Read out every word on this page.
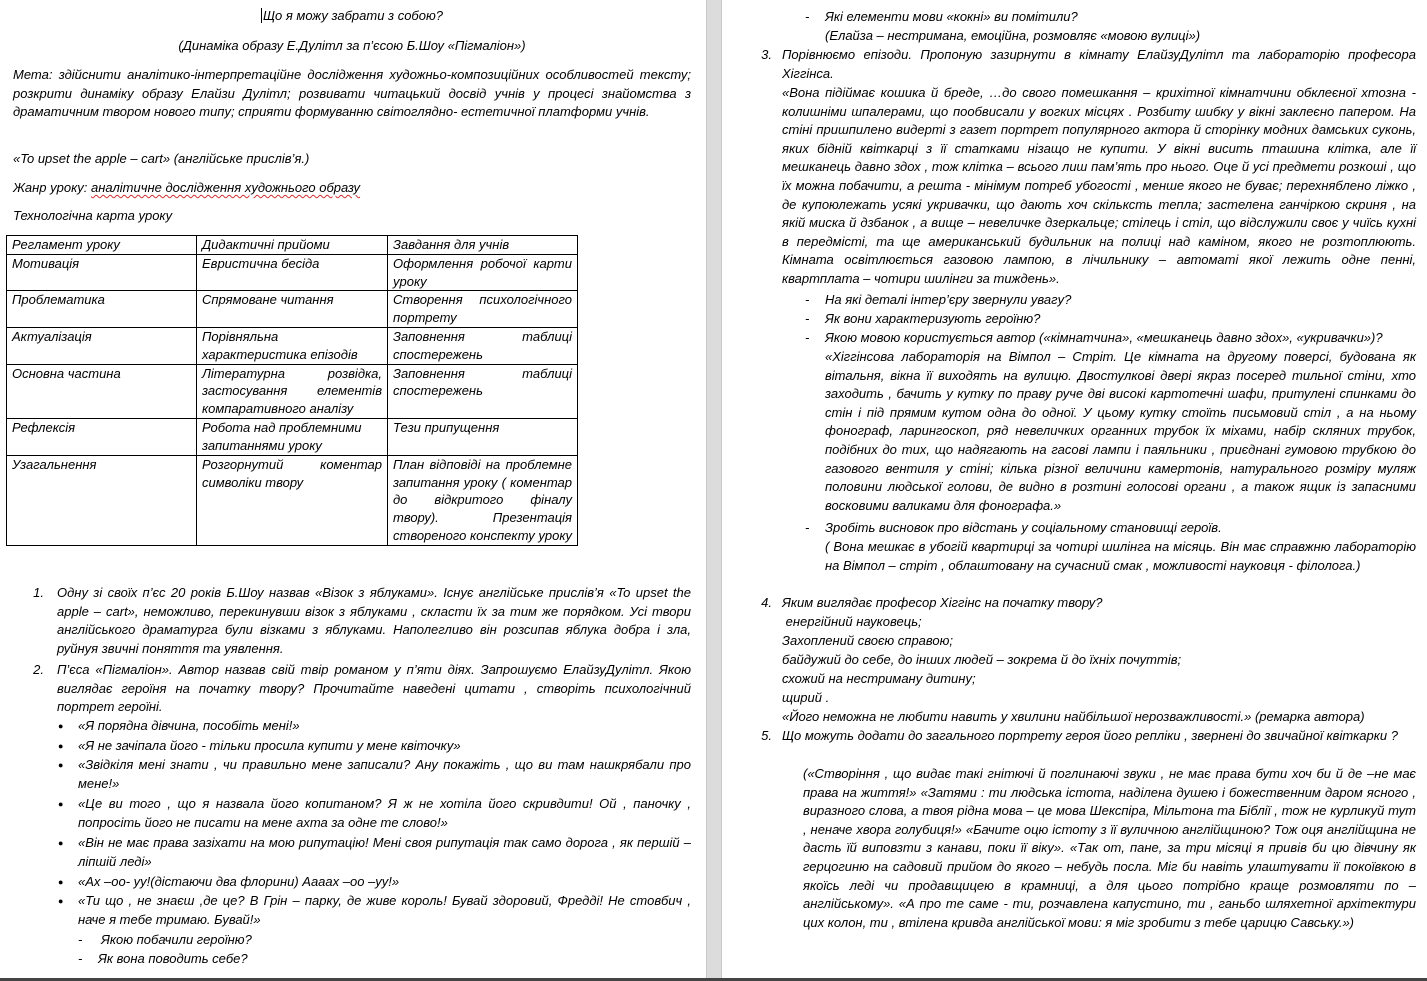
Що я можу забрати з собою?
(Динаміка образу Е.Дулітл за п’єсою Б.Шоу «Пігмаліон»)
Мета: здійснити аналітико-інтерпретаційне дослідження художньо-композиційних особливостей тексту; розкрити динаміку образу Елайзи Дулітл; розвивати читацький досвід учнів у процесі знайомства з драматичним твором нового типу; сприяти формуванню світоглядно- естетичної платформи учнів.
«To upset the apple – cart» (англійське прислів’я.)
Жанр уроку: аналітичне дослідження художнього образу
Технологічна карта уроку
Регламент уроку	Дидактичні прийоми	Завдання для учнів
Мотивація	Евристична бесіда	Оформлення робочої карти уроку
Проблематика	Спрямоване читання	Створення психологічного портрету
Актуалізація	Порівняльна характеристика епізодів	Заповнення таблиці спостережень
Основна частина	Літературна розвідка, застосування елементів компаративного аналізу	Заповнення таблиці спостережень
Рефлексія	Робота над проблемними запитаннями уроку	Тези припущення
Узагальнення	Розгорнутий коментар символіки твору	План відповіді на проблемне запитання уроку ( коментар до відкритого фіналу твору). Презентація створеного конспекту уроку
1. Одну зі своїх п’єс 20 років Б.Шоу назвав «Візок з яблуками». Існує англійське прислів’я «To upset the apple – cart», неможливо, перекинувши візок з яблуками , скласти їх за тим же порядком. Усі твори англійського драматурга були візками з яблуками. Наполегливо він розсипав яблука добра і зла, руйнуя звичні поняття та уявлення.
2. П’єса «Пігмаліон». Автор назвав свій твір романом у п’яти діях. Запрошуємо ЕлайзуДулітл. Якою виглядає героїня на початку твору? Прочитайте наведені цитати , створіть психологічний портрет героїні.
● «Я порядна дівчина, пособіть мені!»
● «Я не зачіпала його - тільки просила купити у мене квіточку»
● «Звідкіля мені знати , чи правильно мене записали? Ану покажіть , що ви там нашкрябали про мене!»
● «Це ви того , що я назвала його копитаном? Я ж не хотіла його скривдити! Ой , паночку , попросіть його не писати на мене ахта за одне те слово!»
● «Він не має права зазіхати на мою рипутацію! Мені своя рипутація так само дорога , як першій –ліпшій леді»
● «Ах –оо- уу!(дістаючи два флорини) Аааах –оо –уу!»
● «Ти що , не знаєш ,де це? В Грін – парку, де живе король! Бувай здоровий, Фредді! Не стовбич , наче я тебе тримаю. Бувай!»
- Якою побачили героїню?
- Як вона поводить себе?
- Які елементи мови «кокні» ви помітили?
(Елайза – нестримана, емоційна, розмовляє «мовою вулиці»)
3. Порівнюємо епізоди. Пропоную зазирнути в кімнату ЕлайзуДулітл та лабораторію професора Хіггінса.
«Вона підіймає кошика й бреде, …до свого помешкання – крихітної кімнатчини обклеєної хтозна - колишніми шпалерами, що пообвисали у вогких місцях . Розбиту шибку у вікні заклеєно папером. На стіні пришпилено видерті з газет портрет популярного актора й сторінку модних дамських суконь, яких бідній квіткарці з її статками нізащо не купити. У вікні висить пташина клітка, але її мешканець давно здох , тож клітка – всього лиш пам’ять про нього. Оце й усі предмети розкоші , що їх можна побачити, а решта - мінімум потреб убогості , менше якого не буває; перехняблено ліжко , де купоюлежать усякі укривачки, що дають хоч скільксть тепла; застелена ганчіркою скриня , на якій миска й дзбанок , а вище – невеличке дзеркальце; стілець і стіл, що відслужили своє у чиїсь кухні в передмісті, та ще американський будильник на полиці над каміном, якого не розтоплюють. Кімната освітлюється газовою лампою, в лічильнику – автоматі якої лежить одне пенні, квартплата – чотири шилінги за тиждень».
- На які деталі інтер’єру звернули увагу?
- Як вони характеризують героїню?
- Якою мовою користується автор («кімнатчина», «мешканець давно здох», «укривачки»)?
«Хіггінсова лабораторія на Вімпол – Стріт. Це кімната на другому поверсі, будована як вітальня, вікна її виходять на вулицю. Двостулкові двері якраз посеред тильної стіни, хто заходить , бачить у кутку по праву руче дві високі картотечні шафи, притулені спинками до стін і під прямим кутом одна до одної. У цьому кутку стоїть письмовий стіл , а на ньому фонограф, ларингоскоп, ряд невеличких органних трубок їх міхами, набір скляних трубок, подібних до тих, що надягають на гасові лампи і паяльники , приєднані гумовою трубкою до газового вентиля у стіні; кілька різної величини камертонів, натурального розміру муляж половини людської голови, де видно в розтині голосові органи , а також ящик із запасними восковими валиками для фонографа.»
- Зробіть висновок про відстань у соціальному становищі героїв.
( Вона мешкає в убогій квартирці за чотирі шилінга на місяць. Він має справжню лабораторію на Вімпол – стріт , облаштовану на сучасний смак , можливості науковця - філолога.)
4. Яким виглядає професор Хіггінс на початку твору?
енергійний науковець;
Захоплений своєю справою;
байдужий до себе, до інших людей – зокрема й до їхніх почуттів;
схожий на нестриману дитину;
щирий .
«Його неможна не любити навить у хвилини найбільшої нерозважливості.» (ремарка автора)
5. Що можуть додати до загального портрету героя його репліки , звернені до звичайної квіткарки ?
(«Створіння , що видає такі гнітючі й поглинаючі звуки , не має права бути хоч би й де –не має права на життя!» «Затями : ти людська істота, наділена душею і божественним даром ясного , виразного слова, а твоя рідна мова – це мова Шекспіра, Мільтона та Біблії , тож не курликуй тут , неначе хвора голубиця!» «Бачите оцю істоту з її вуличною англійщиною? Тож оця англійщина не дасть їй виповзти з канави, поки її віку». «Так от, пане, за три місяці я привів би цю дівчину як герцогиню на садовий прийом до якого – небудь посла. Міг би навіть улаштувати її покоївкою в якоїсь леді чи продавщицею в крамниці, а для цього потрібно краще розмовляти по – англійському». «А про те саме - ти, розчавлена капустино, ти , ганьбо шляхетної архітектури цих колон, ти , втілена кривда англійської мови: я міг зробити з тебе царицю Савську.»)
